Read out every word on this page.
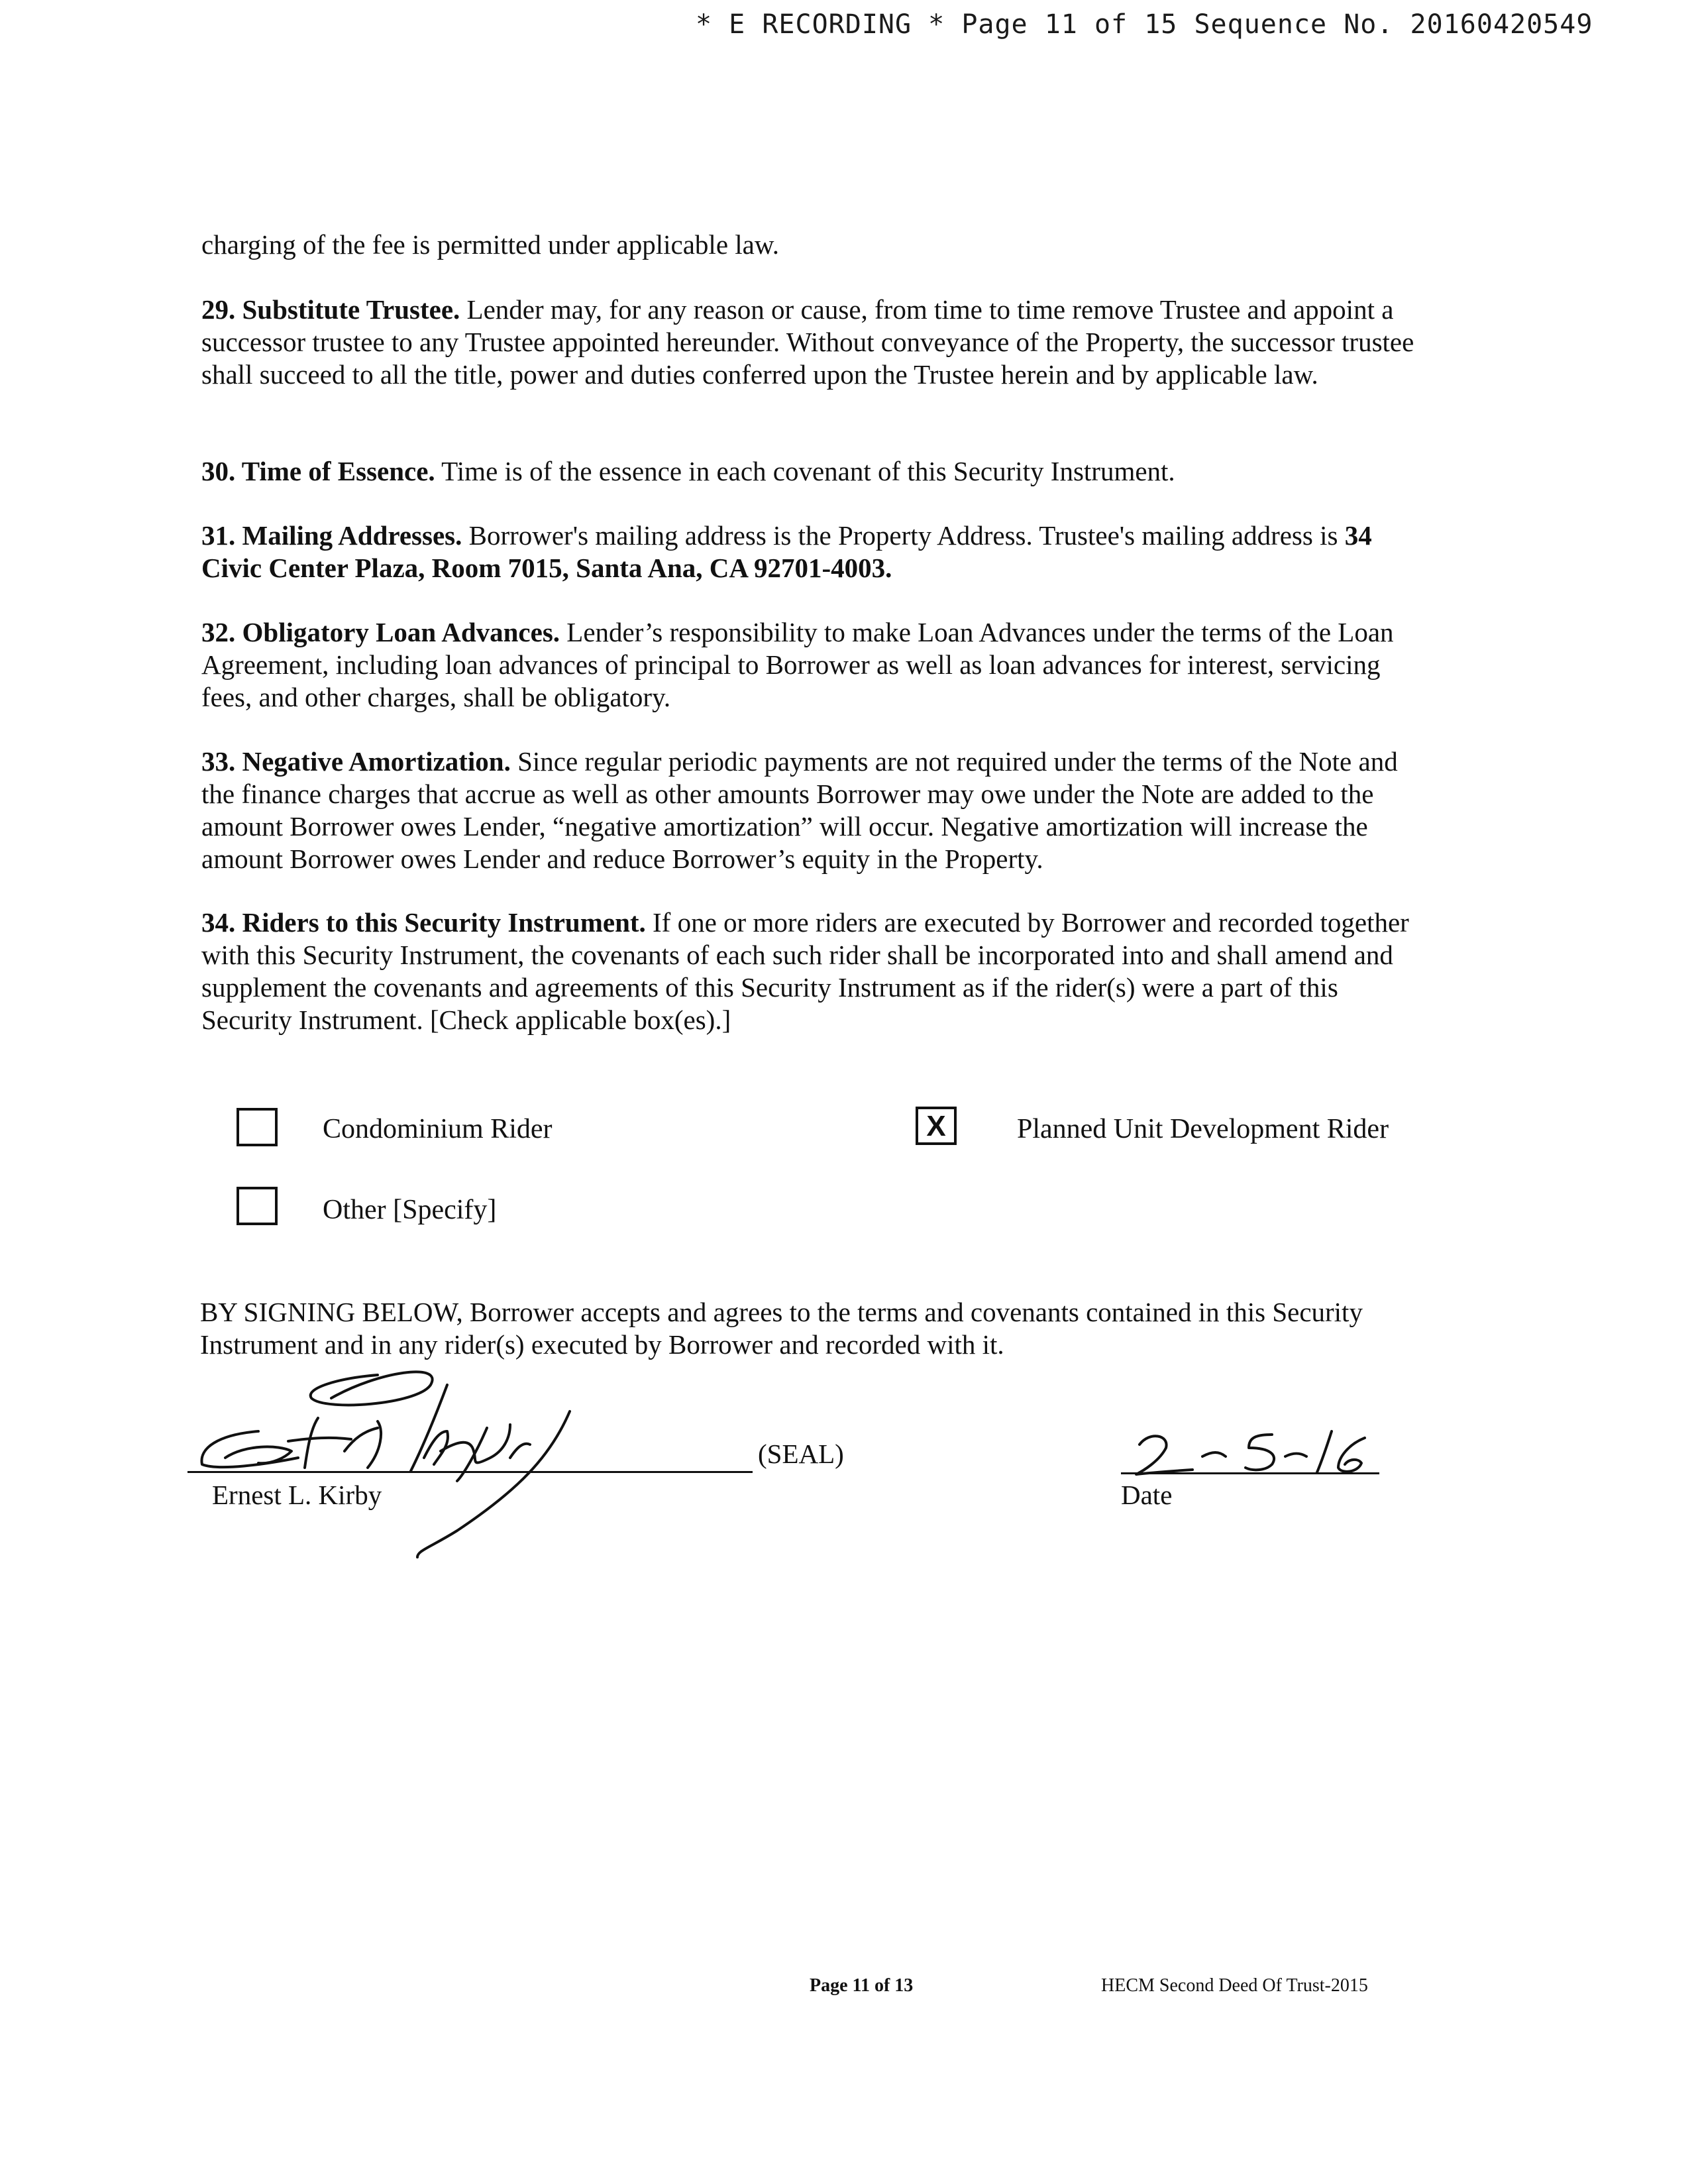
* E RECORDING * Page 11 of 15 Sequence No. 20160420549
charging of the fee is permitted under applicable law.
29. Substitute Trustee. Lender may, for any reason or cause, from time to time remove Trustee and appoint a successor trustee to any Trustee appointed hereunder. Without conveyance of the Property, the successor trustee shall succeed to all the title, power and duties conferred upon the Trustee herein and by applicable law.
30. Time of Essence. Time is of the essence in each covenant of this Security Instrument.
31. Mailing Addresses. Borrower's mailing address is the Property Address. Trustee's mailing address is 34 Civic Center Plaza, Room 7015, Santa Ana, CA 92701-4003.
32. Obligatory Loan Advances. Lender’s responsibility to make Loan Advances under the terms of the Loan Agreement, including loan advances of principal to Borrower as well as loan advances for interest, servicing fees, and other charges, shall be obligatory.
33. Negative Amortization. Since regular periodic payments are not required under the terms of the Note and the finance charges that accrue as well as other amounts Borrower may owe under the Note are added to the amount Borrower owes Lender, “negative amortization” will occur. Negative amortization will increase the amount Borrower owes Lender and reduce Borrower’s equity in the Property.
34. Riders to this Security Instrument. If one or more riders are executed by Borrower and recorded together with this Security Instrument, the covenants of each such rider shall be incorporated into and shall amend and supplement the covenants and agreements of this Security Instrument as if the rider(s) were a part of this Security Instrument. [Check applicable box(es).]
Condominium Rider	X	Planned Unit Development Rider
Other [Specify]
BY SIGNING BELOW, Borrower accepts and agrees to the terms and covenants contained in this Security Instrument and in any rider(s) executed by Borrower and recorded with it.
(SEAL)
Ernest L. Kirby	Date
Page 11 of 13	HECM Second Deed Of Trust-2015
